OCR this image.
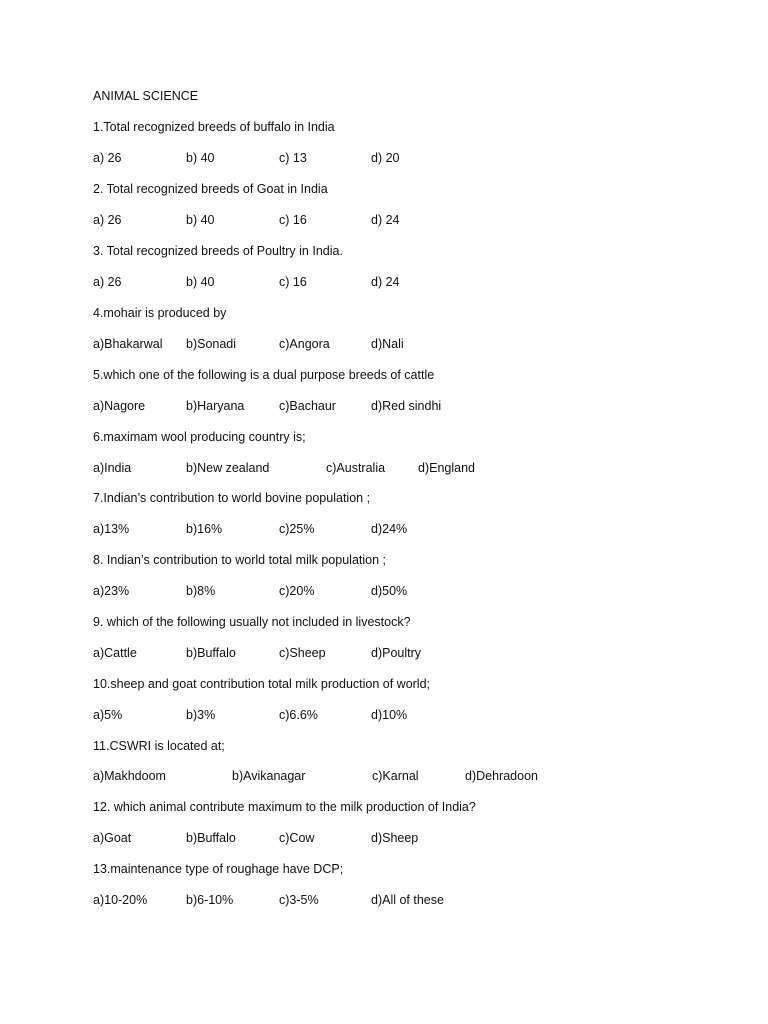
ANIMAL SCIENCE
1.Total recognized breeds of buffalo in India
a) 26	b) 40	c) 13	d) 20
2. Total recognized breeds of Goat in India
a) 26	b) 40	c) 16	d) 24
3. Total recognized breeds of Poultry in India.
a) 26	b) 40	c) 16	d) 24
4.mohair is produced by
a)Bhakarwal b)Sonadi	c)Angora	d)Nali
5.which one of the following is a dual purpose breeds of cattle
a)Nagore	b)Haryana	c)Bachaur	d)Red sindhi
6.maximam wool producing country is;
a)India	b)New zealand	c)Australia	d)England
7.Indian’s contribution to world bovine population ;
a)13%	b)16%	c)25%	d)24%
8. Indian’s contribution to world total milk population ;
a)23%	b)8%	c)20%	d)50%
9. which of the following usually not included in livestock?
a)Cattle	b)Buffalo	c)Sheep	d)Poultry
10.sheep and goat contribution total milk production of world;
a)5%	b)3%	c)6.6%	d)10%
11.CSWRI is located at;
a)Makhdoom	b)Avikanagar	c)Karnal	d)Dehradoon
12. which animal contribute maximum to the milk production of India?
a)Goat	b)Buffalo	c)Cow	d)Sheep
13.maintenance type of roughage have DCP;
a)10-20%	b)6-10%	c)3-5%	d)All of these
